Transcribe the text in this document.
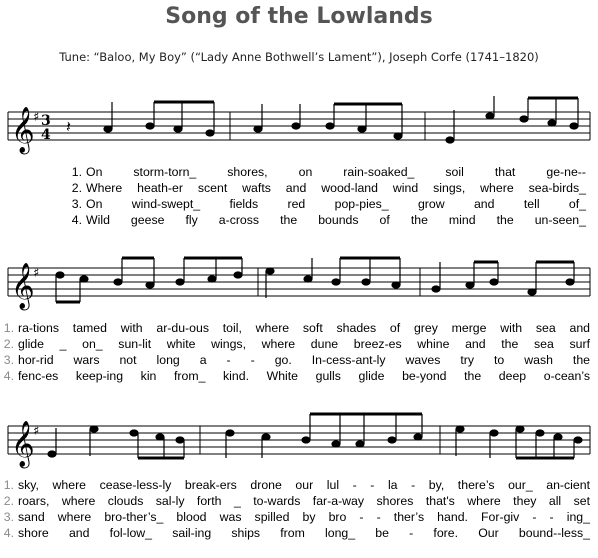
Song of the Lowlands
Tune: “Baloo, My Boy” (“Lady Anne Bothwell’s Lament”), Joseph Corfe (1741–1820)
𝄞
♯ 3
4 𝄽
1. On storm-torn_ shores, on rain-soaked_ soil that ge-ne--
2. Where heath-er scent wafts and wood-land wind sings, where sea-birds_
3. On wind-swept_ fields red pop-pies_ grow and tell of_
4. Wild geese fly a-cross the bounds of the mind the un-seen_
𝄞
♯
1. ra-tions tamed with ar-du-ous toil, where soft shades of grey merge with sea and
2. glide _ on_ sun-lit white wings, where dune breez-es whine and the sea surf
3. hor-rid wars not long a - - go. In-cess-ant-ly waves try to wash the
4. fenc-es keep-ing kin from_ kind. White gulls glide be-yond the deep o-cean’s
𝄞
♯
1. sky, where cease-less-ly break-ers drone our lul - - la - by, there’s our_ an-cient
2. roars, where clouds sal-ly forth _ to-wards far-a-way shores that's where they all set
3. sand where bro-ther’s_ blood was spilled by bro - - ther’s hand. For-giv - - ing_
4. shore and fol-low_ sail-ing ships from long_ be - fore. Our bound--less_
